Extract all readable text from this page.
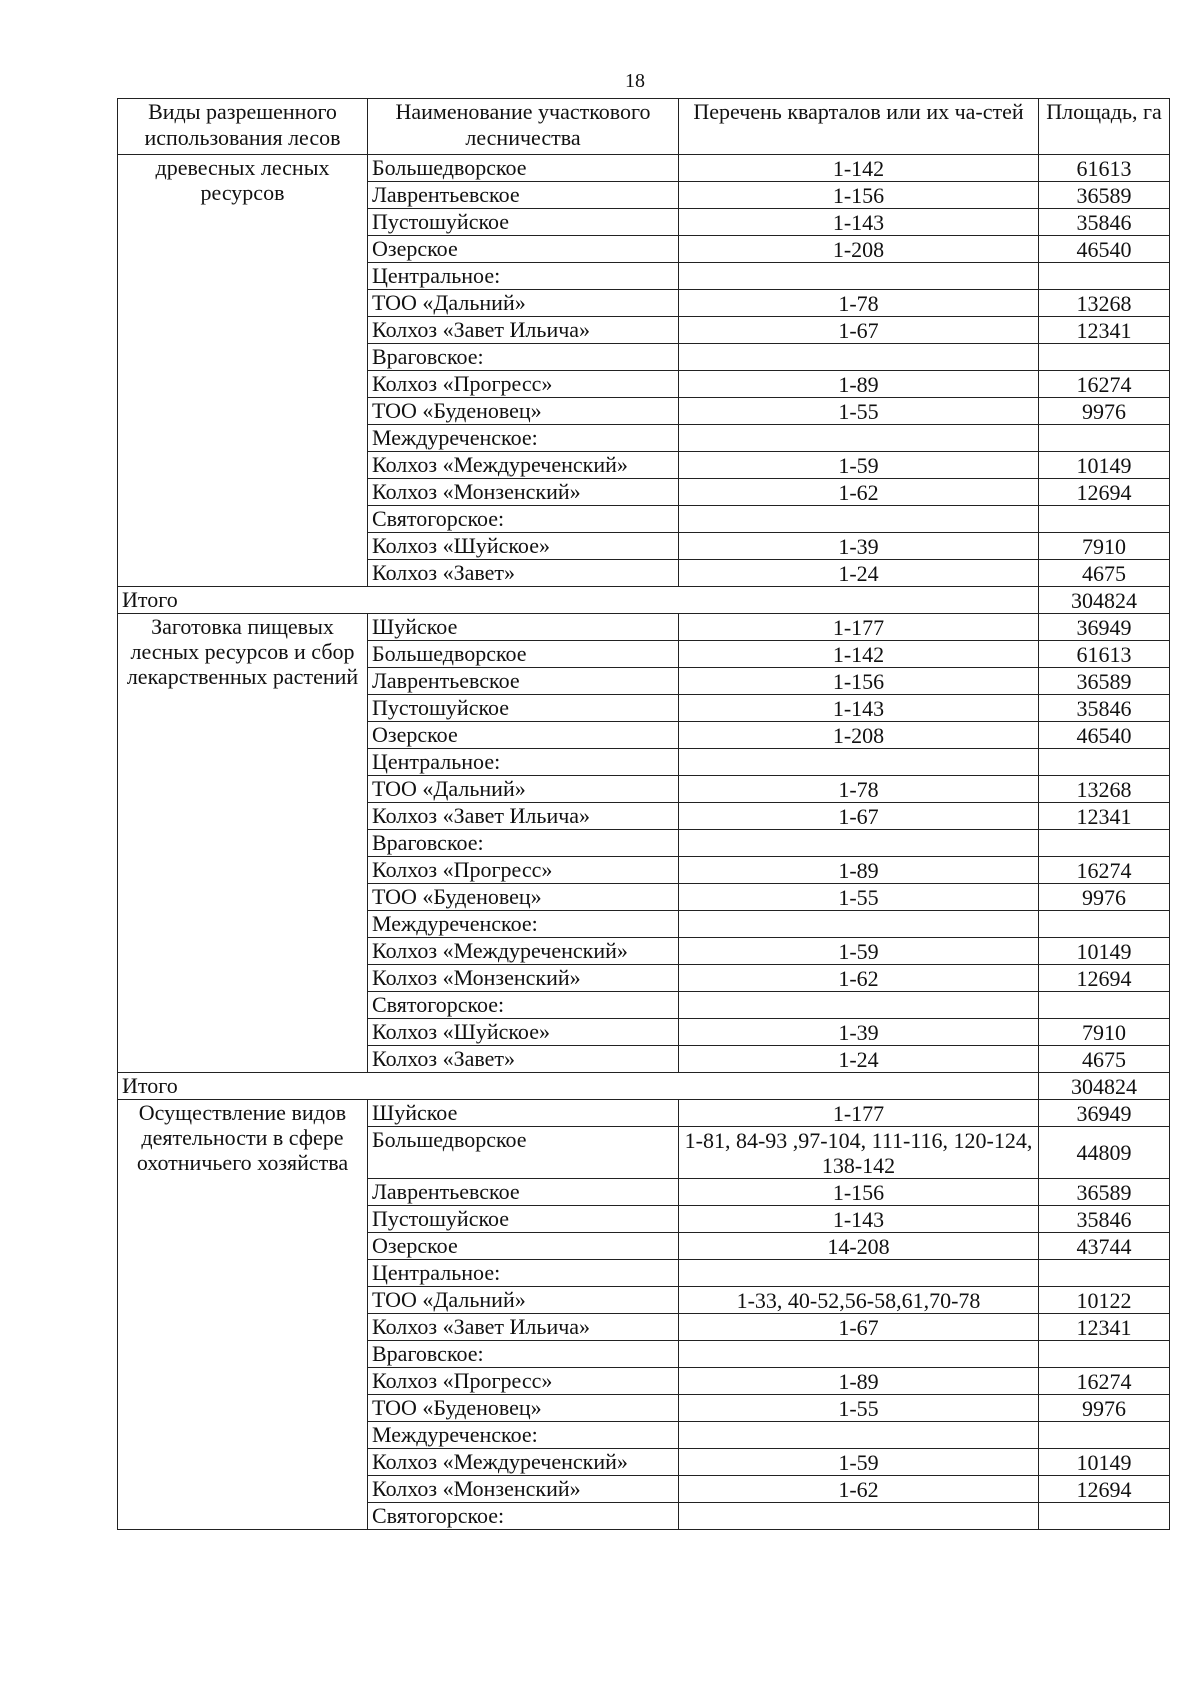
18
Виды разрешенного использования лесов	Наименование участкового лесничества	Перечень кварталов или их ча-стей	Площадь, га
древесных лесных ресурсов	Большедворское	1-142	61613
	Лаврентьевское	1-156	36589
	Пустошуйское	1-143	35846
	Озерское	1-208	46540
	Центральное:		
	ТОО «Дальний»	1-78	13268
	Колхоз «Завет Ильича»	1-67	12341
	Враговское:		
	Колхоз «Прогресс»	1-89	16274
	ТОО «Буденовец»	1-55	9976
	Междуреченское:		
	Колхоз «Междуреченский»	1-59	10149
	Колхоз «Монзенский»	1-62	12694
	Святогорское:		
	Колхоз «Шуйское»	1-39	7910
	Колхоз «Завет»	1-24	4675
Итого			304824
Заготовка пищевых лесных ресурсов и сбор лекарственных растений	Шуйское	1-177	36949
	Большедворское	1-142	61613
	Лаврентьевское	1-156	36589
	Пустошуйское	1-143	35846
	Озерское	1-208	46540
	Центральное:		
	ТОО «Дальний»	1-78	13268
	Колхоз «Завет Ильича»	1-67	12341
	Враговское:		
	Колхоз «Прогресс»	1-89	16274
	ТОО «Буденовец»	1-55	9976
	Междуреченское:		
	Колхоз «Междуреченский»	1-59	10149
	Колхоз «Монзенский»	1-62	12694
	Святогорское:		
	Колхоз «Шуйское»	1-39	7910
	Колхоз «Завет»	1-24	4675
Итого			304824
Осуществление видов деятельности в сфере охотничьего хозяйства	Шуйское	1-177	36949
	Большедворское	1-81, 84-93 ,97-104, 111-116, 120-124, 138-142	44809
	Лаврентьевское	1-156	36589
	Пустошуйское	1-143	35846
	Озерское	14-208	43744
	Центральное:		
	ТОО «Дальний»	1-33, 40-52,56-58,61,70-78	10122
	Колхоз «Завет Ильича»	1-67	12341
	Враговское:		
	Колхоз «Прогресс»	1-89	16274
	ТОО «Буденовец»	1-55	9976
	Междуреченское:		
	Колхоз «Междуреченский»	1-59	10149
	Колхоз «Монзенский»	1-62	12694
	Святогорское:		
